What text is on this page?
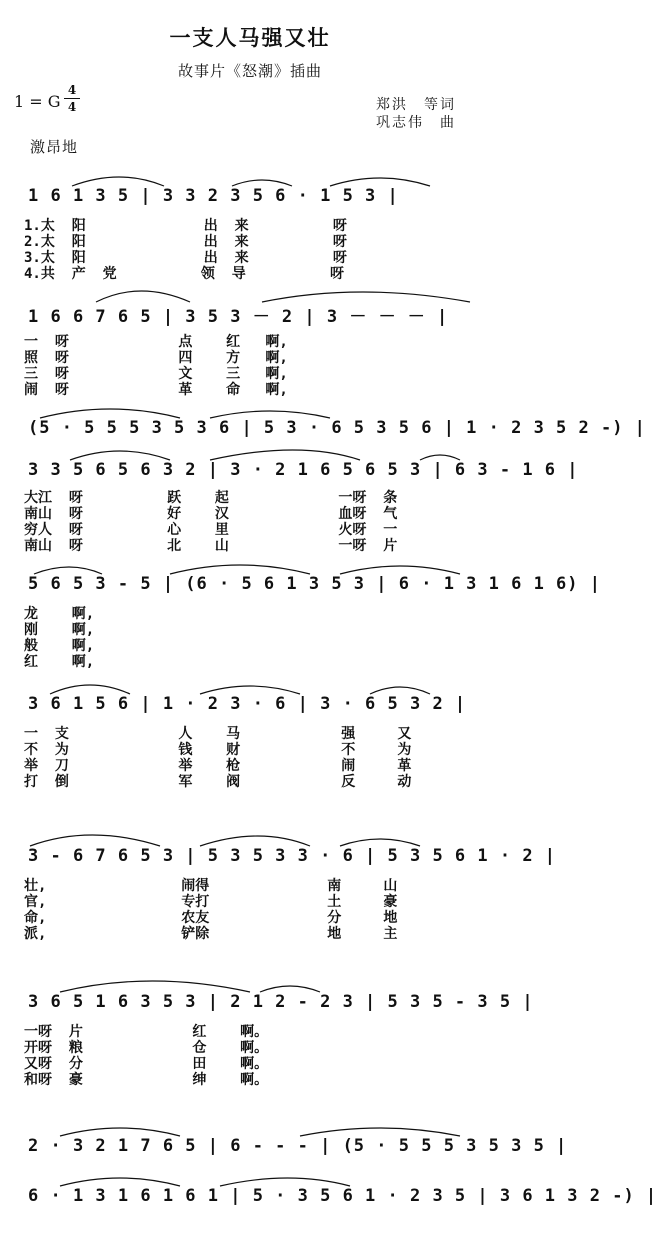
一支人马强又壮
故事片《怒潮》插曲
1 = G
4
4	郑洪　等词
巩志伟　曲
激昂地
1 6 1 3 5 | 3 3 2 3 5 6 · 1 5 3 |
1.太  阳              出  来          呀
2.太  阳              出  来          呀
3.太  阳              出  来          呀
4.共  产  党          领  导          呀
1 6 6 7 6 5 | 3 5 3 － 2 | 3 － － － |
一  呀             点    红   啊,
照  呀             四    方   啊,
三  呀             文    三   啊,
闹  呀             革    命   啊,
(5 · 5 5 5 3 5 3 6 | 5 3 · 6 5 3 5 6 | 1 · 2 3 5 2 -) |
3 3 5 6 5 6 3 2 | 3 · 2 1 6 5 6 5 3 | 6 3 - 1 6 |
大江  呀          跃    起             一呀  条
南山  呀          好    汉             血呀  气
穷人  呀          心    里             火呀  一
南山  呀          北    山             一呀  片
5 6 5 3 - 5 | (6 · 5 6 1 3 5 3 | 6 · 1 3 1 6 1 6) |
龙    啊,
刚    啊,
般    啊,
红    啊,
3 6 1 5 6 | 1 · 2 3 · 6 | 3 · 6 5 3 2 |
一  支             人    马            强     又
不  为             钱    财            不     为
举  刀             举    枪            闹     革
打  倒             军    阀            反     动
3 - 6 7 6 5 3 | 5 3 5 3 3 · 6 | 5 3 5 6 1 · 2 |
壮,                闹得              南     山
官,                专打              土     豪
命,                农友              分     地
派,                铲除              地     主
3 6 5 1 6 3 5 3 | 2 1 2 - 2 3 | 5 3 5 - 3 5 |
一呀  片             红    啊。
开呀  粮             仓    啊。
又呀  分             田    啊。
和呀  豪             绅    啊。
2 · 3 2 1 7 6 5 | 6 - - - | (5 · 5 5 5 3 5 3 5 |
6 · 1 3 1 6 1 6 1 | 5 · 3 5 6 1 · 2 3 5 | 3 6 1 3 2 -) |
